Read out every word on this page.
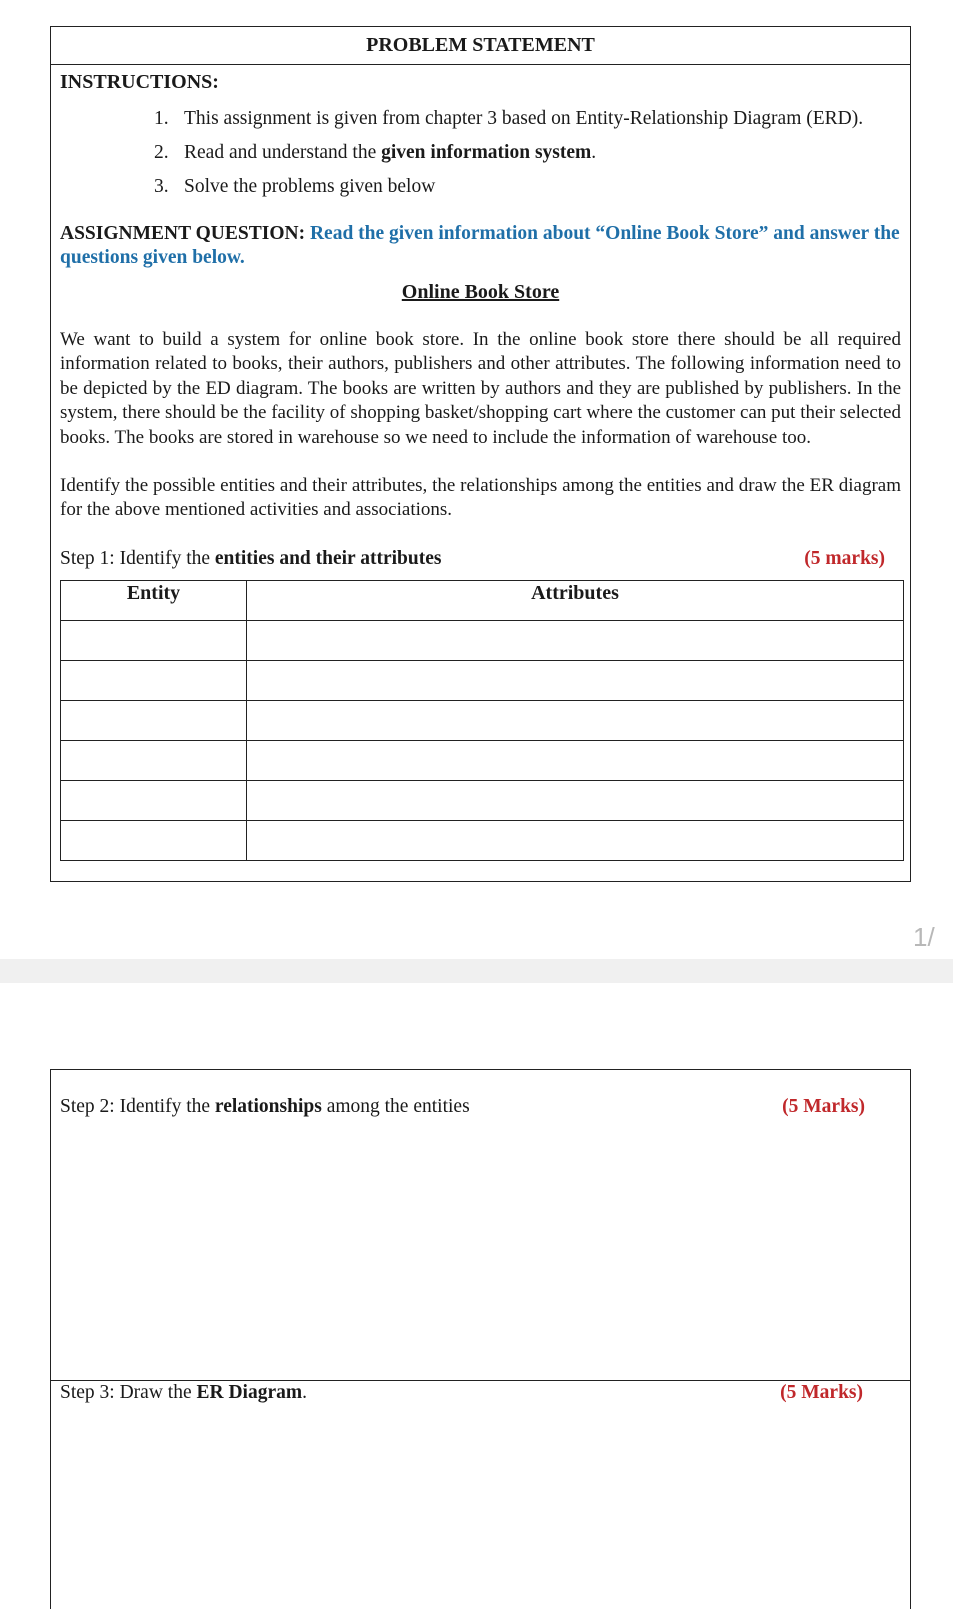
PROBLEM STATEMENT
INSTRUCTIONS:
1. This assignment is given from chapter 3 based on Entity-Relationship Diagram (ERD).
2. Read and understand the given information system.
3. Solve the problems given below
ASSIGNMENT QUESTION: Read the given information about “Online Book Store” and answer the questions given below.
Online Book Store
We want to build a system for online book store. In the online book store there should be all required information related to books, their authors, publishers and other attributes. The following information need to be depicted by the ED diagram. The books are written by authors and they are published by publishers. In the system, there should be the facility of shopping basket/shopping cart where the customer can put their selected books. The books are stored in warehouse so we need to include the information of warehouse too.
Identify the possible entities and their attributes, the relationships among the entities and draw the ER diagram for the above mentioned activities and associations.
Step 1: Identify the entities and their attributes	(5 marks)
Entity	Attributes

1/
Step 2: Identify the relationships among the entities	(5 Marks)
Step 3: Draw the ER Diagram.	(5 Marks)
